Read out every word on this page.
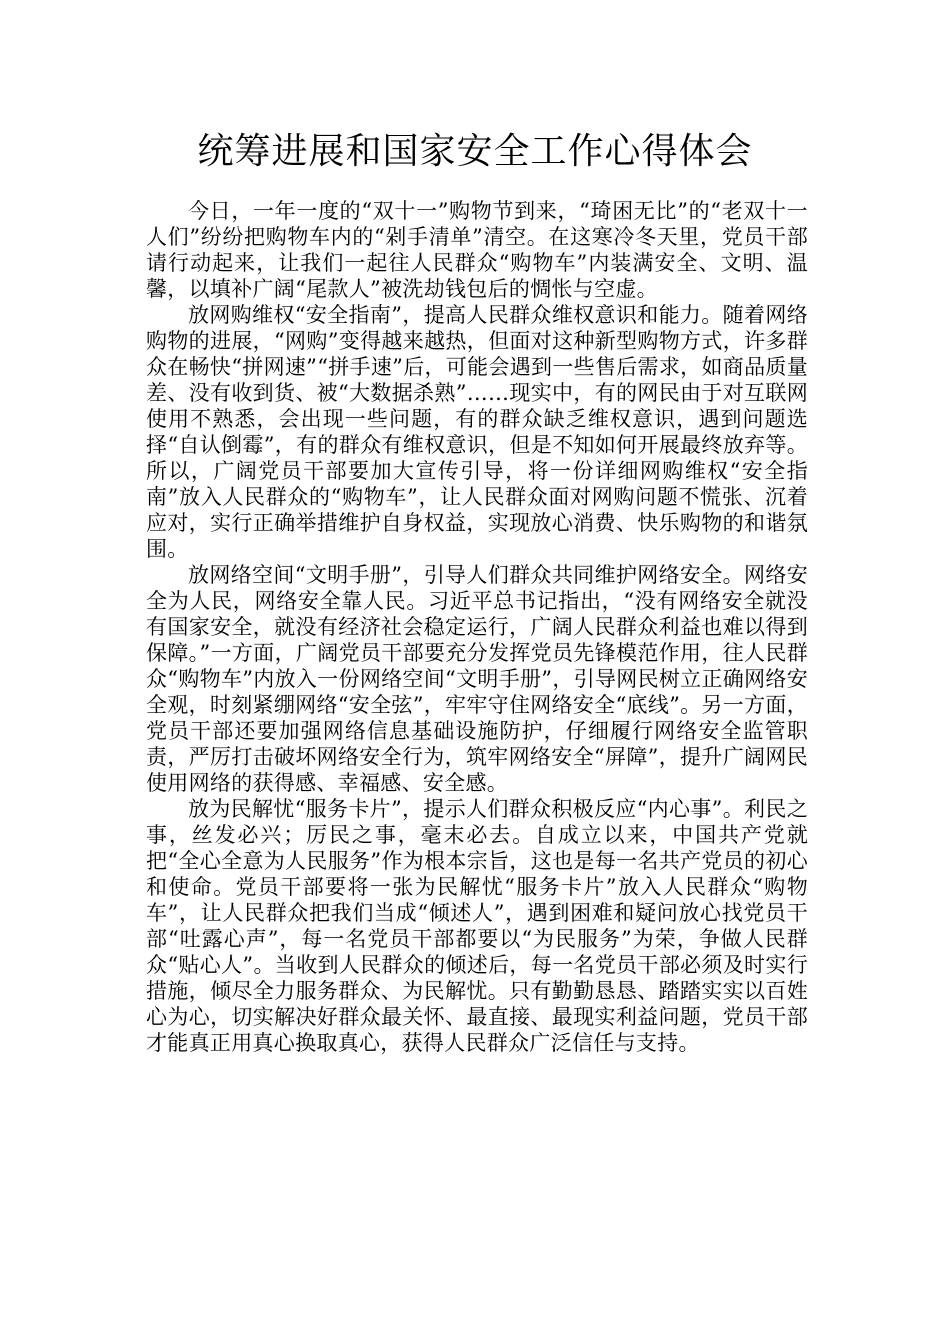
统筹进展和国家安全工作心得体会

今日，一年一度的“双十一”购物节到来，“琦困无比”的“老双十一人们”纷纷把购物车内的“剁手清单”清空。在这寒冷冬天里，党员干部请行动起来，让我们一起往人民群众“购物车”内装满安全、文明、温馨，以填补广阔“尾款人”被洗劫钱包后的惆怅与空虚。

放网购维权“安全指南”，提高人民群众维权意识和能力。随着网络购物的进展，“网购”变得越来越热，但面对这种新型购物方式，许多群众在畅快“拼网速”“拼手速”后，可能会遇到一些售后需求，如商品质量差、没有收到货、被“大数据杀熟”……现实中，有的网民由于对互联网使用不熟悉，会出现一些问题，有的群众缺乏维权意识，遇到问题选择“自认倒霉”，有的群众有维权意识，但是不知如何开展最终放弃等。所以，广阔党员干部要加大宣传引导，将一份详细网购维权“安全指南”放入人民群众的“购物车”，让人民群众面对网购问题不慌张、沉着应对，实行正确举措维护自身权益，实现放心消费、快乐购物的和谐氛围。

放网络空间“文明手册”，引导人们群众共同维护网络安全。网络安全为人民，网络安全靠人民。习近平总书记指出，“没有网络安全就没有国家安全，就没有经济社会稳定运行，广阔人民群众利益也难以得到保障。”一方面，广阔党员干部要充分发挥党员先锋模范作用，往人民群众“购物车”内放入一份网络空间“文明手册”，引导网民树立正确网络安全观，时刻紧绷网络“安全弦”，牢牢守住网络安全“底线”。另一方面，党员干部还要加强网络信息基础设施防护，仔细履行网络安全监管职责，严厉打击破坏网络安全行为，筑牢网络安全“屏障”，提升广阔网民使用网络的获得感、幸福感、安全感。

放为民解忧“服务卡片”，提示人们群众积极反应“内心事”。利民之事，丝发必兴；厉民之事，毫末必去。自成立以来，中国共产党就把“全心全意为人民服务”作为根本宗旨，这也是每一名共产党员的初心和使命。党员干部要将一张为民解忧“服务卡片”放入人民群众“购物车”，让人民群众把我们当成“倾述人”，遇到困难和疑问放心找党员干部“吐露心声”，每一名党员干部都要以“为民服务”为荣，争做人民群众“贴心人”。当收到人民群众的倾述后，每一名党员干部必须及时实行措施，倾尽全力服务群众、为民解忧。只有勤勤恳恳、踏踏实实以百姓心为心，切实解决好群众最关怀、最直接、最现实利益问题，党员干部才能真正用真心换取真心，获得人民群众广泛信任与支持。
